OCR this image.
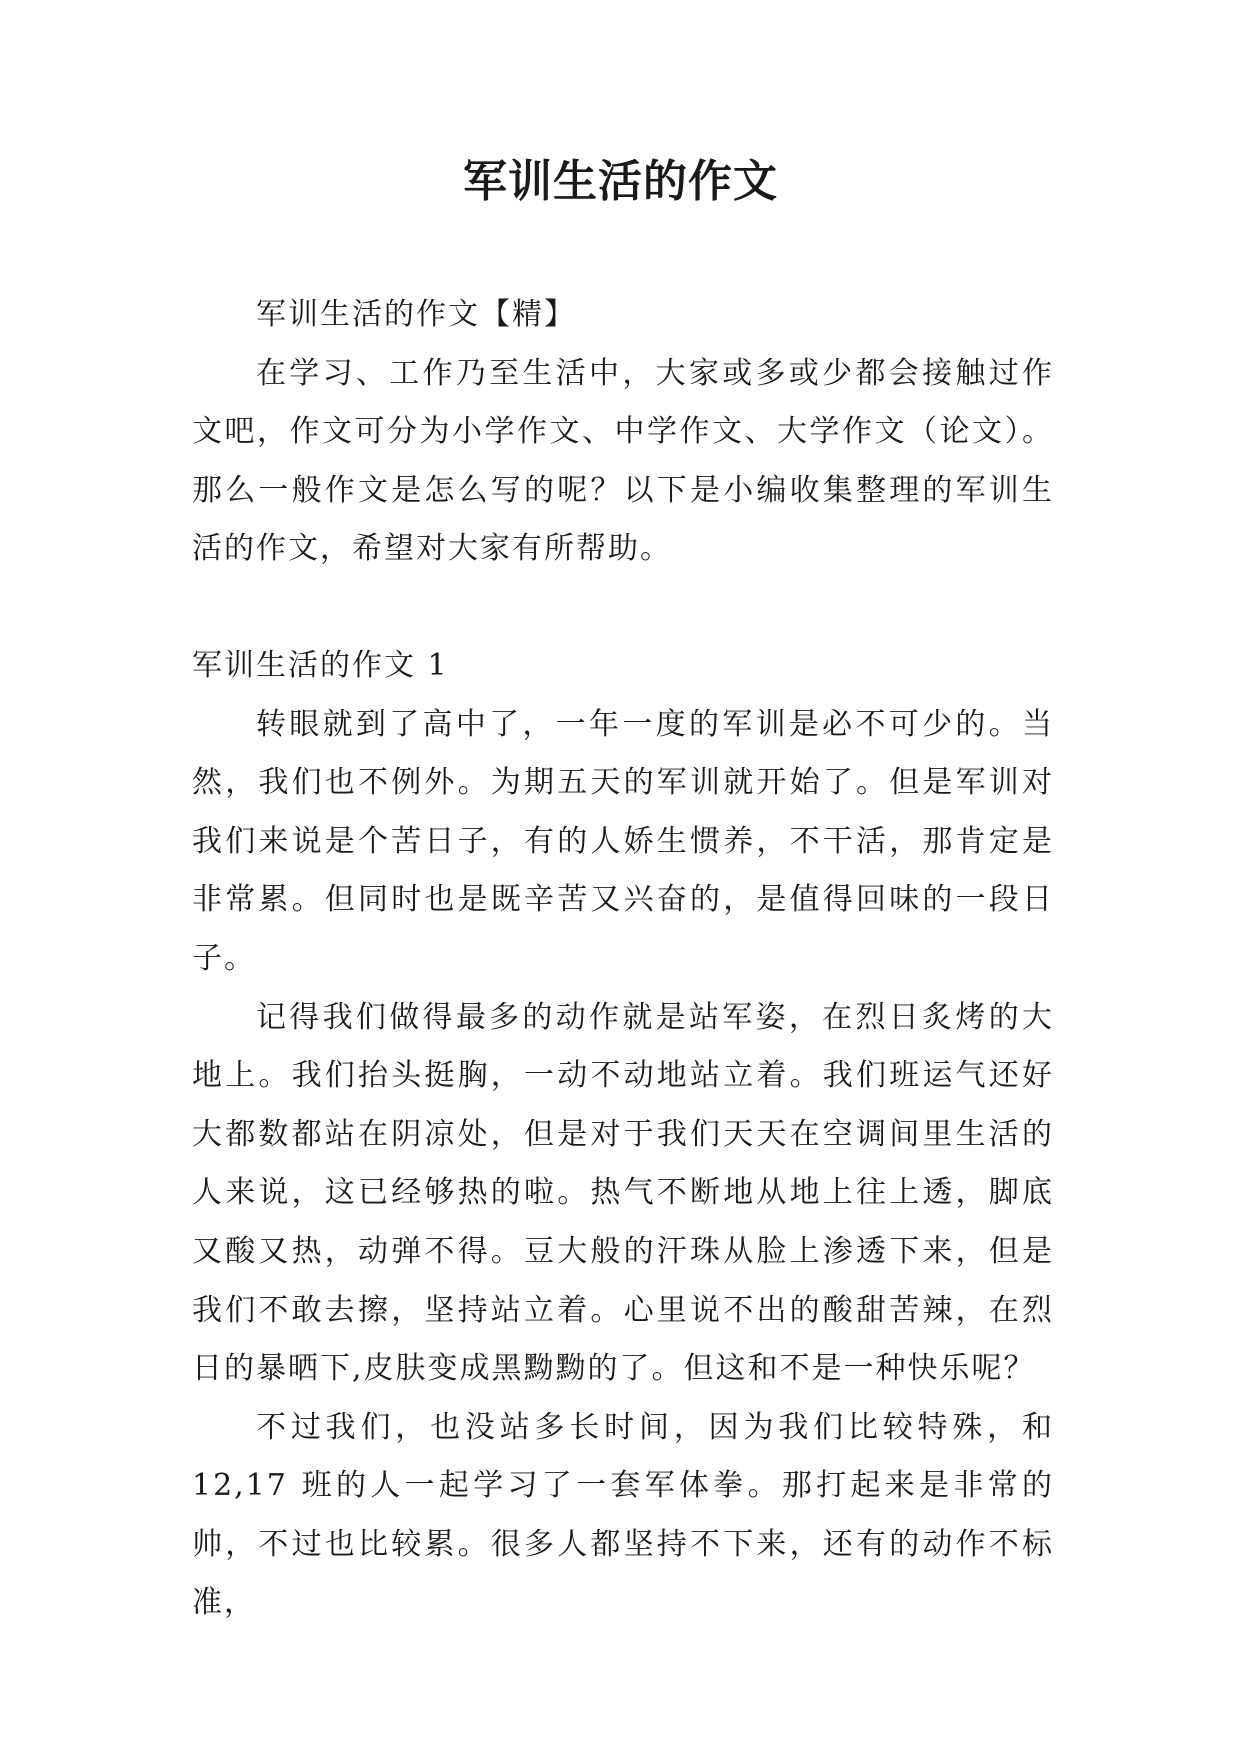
军训生活的作文

军训生活的作文【精】

在学习、工作乃至生活中，大家或多或少都会接触过作文吧，作文可分为小学作文、中学作文、大学作文（论文）。那么一般作文是怎么写的呢？以下是小编收集整理的军训生活的作文，希望对大家有所帮助。

军训生活的作文 1

转眼就到了高中了，一年一度的军训是必不可少的。当然，我们也不例外。为期五天的军训就开始了。但是军训对我们来说是个苦日子，有的人娇生惯养，不干活，那肯定是非常累。但同时也是既辛苦又兴奋的，是值得回味的一段日子。

记得我们做得最多的动作就是站军姿，在烈日炙烤的大地上。我们抬头挺胸，一动不动地站立着。我们班运气还好大都数都站在阴凉处，但是对于我们天天在空调间里生活的人来说，这已经够热的啦。热气不断地从地上往上透，脚底又酸又热，动弹不得。豆大般的汗珠从脸上渗透下来，但是我们不敢去擦，坚持站立着。心里说不出的酸甜苦辣，在烈日的暴晒下,皮肤变成黑黝黝的了。但这和不是一种快乐呢？

不过我们，也没站多长时间，因为我们比较特殊，和12,17 班的人一起学习了一套军体拳。那打起来是非常的帅，不过也比较累。很多人都坚持不下来，还有的动作不标准，
